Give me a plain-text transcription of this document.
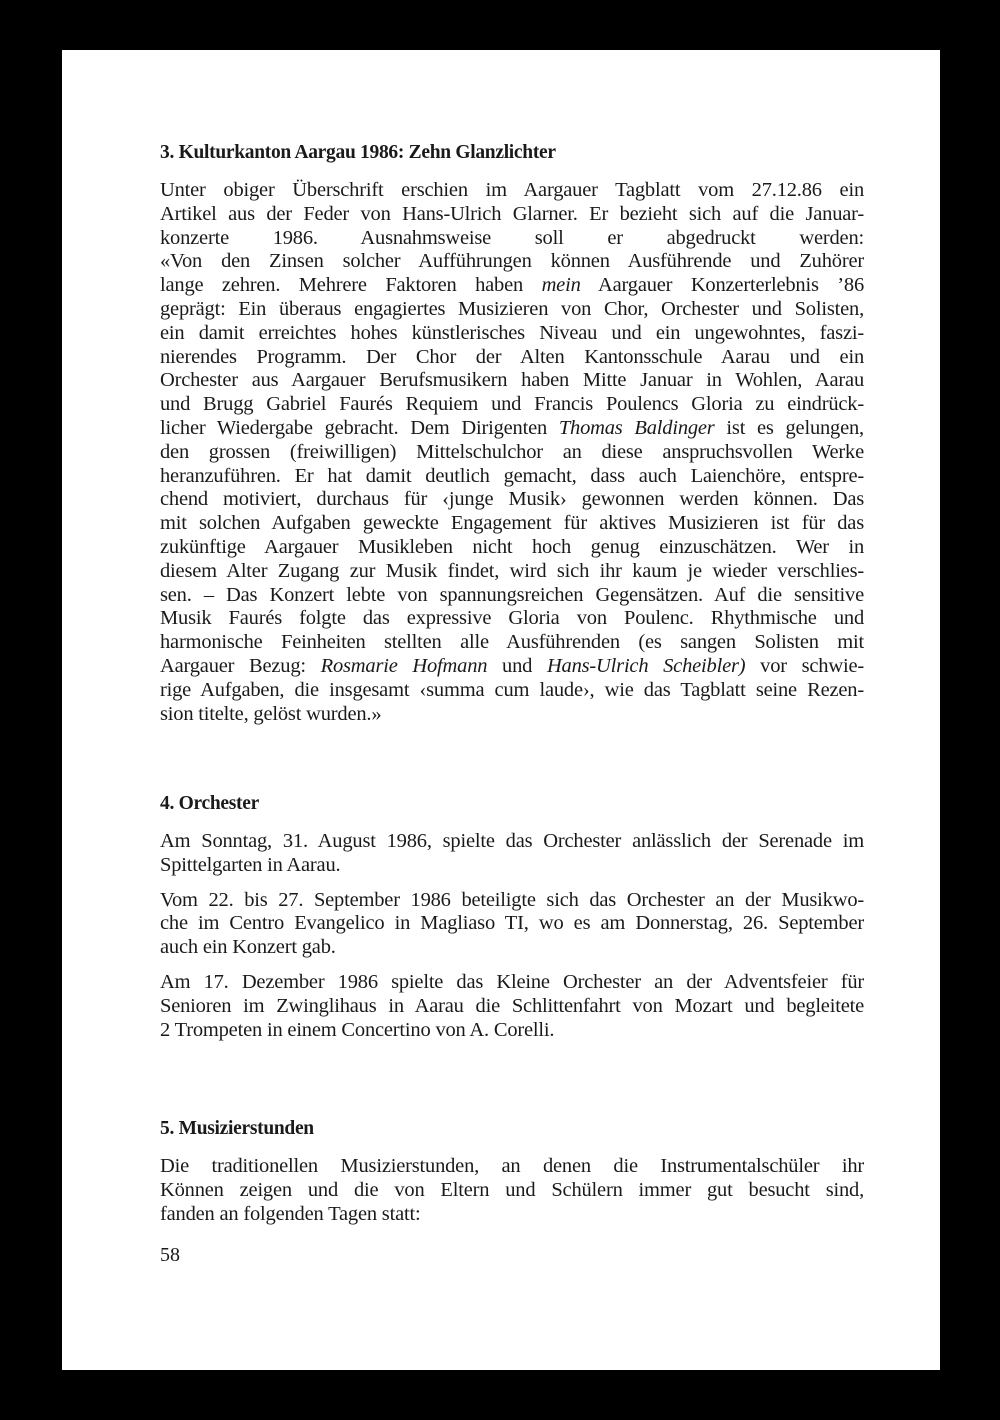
3. Kulturkanton Aargau 1986: Zehn Glanzlichter
Unter obiger Überschrift erschien im Aargauer Tagblatt vom 27.12.86 ein
Artikel aus der Feder von Hans-Ulrich Glarner. Er bezieht sich auf die Januar-
konzerte 1986. Ausnahmsweise soll er abgedruckt werden:
«Von den Zinsen solcher Aufführungen können Ausführende und Zuhörer
lange zehren. Mehrere Faktoren haben mein Aargauer Konzerterlebnis ’86
geprägt: Ein überaus engagiertes Musizieren von Chor, Orchester und Solisten,
ein damit erreichtes hohes künstlerisches Niveau und ein ungewohntes, faszi-
nierendes Programm. Der Chor der Alten Kantonsschule Aarau und ein
Orchester aus Aargauer Berufsmusikern haben Mitte Januar in Wohlen, Aarau
und Brugg Gabriel Faurés Requiem und Francis Poulencs Gloria zu eindrück-
licher Wiedergabe gebracht. Dem Dirigenten Thomas Baldinger ist es gelungen,
den grossen (freiwilligen) Mittelschulchor an diese anspruchsvollen Werke
heranzuführen. Er hat damit deutlich gemacht, dass auch Laienchöre, entspre-
chend motiviert, durchaus für ‹junge Musik› gewonnen werden können. Das
mit solchen Aufgaben geweckte Engagement für aktives Musizieren ist für das
zukünftige Aargauer Musikleben nicht hoch genug einzuschätzen. Wer in
diesem Alter Zugang zur Musik findet, wird sich ihr kaum je wieder verschlies-
sen. – Das Konzert lebte von spannungsreichen Gegensätzen. Auf die sensitive
Musik Faurés folgte das expressive Gloria von Poulenc. Rhythmische und
harmonische Feinheiten stellten alle Ausführenden (es sangen Solisten mit
Aargauer Bezug: Rosmarie Hofmann und Hans-Ulrich Scheibler) vor schwie-
rige Aufgaben, die insgesamt ‹summa cum laude›, wie das Tagblatt seine Rezen-
sion titelte, gelöst wurden.»
4. Orchester
Am Sonntag, 31. August 1986, spielte das Orchester anlässlich der Serenade im
Spittelgarten in Aarau.
Vom 22. bis 27. September 1986 beteiligte sich das Orchester an der Musikwo-
che im Centro Evangelico in Magliaso TI, wo es am Donnerstag, 26. September
auch ein Konzert gab.
Am 17. Dezember 1986 spielte das Kleine Orchester an der Adventsfeier für
Senioren im Zwinglihaus in Aarau die Schlittenfahrt von Mozart und begleitete
2 Trompeten in einem Concertino von A. Corelli.
5. Musizierstunden
Die traditionellen Musizierstunden, an denen die Instrumentalschüler ihr
Können zeigen und die von Eltern und Schülern immer gut besucht sind,
fanden an folgenden Tagen statt:
58
